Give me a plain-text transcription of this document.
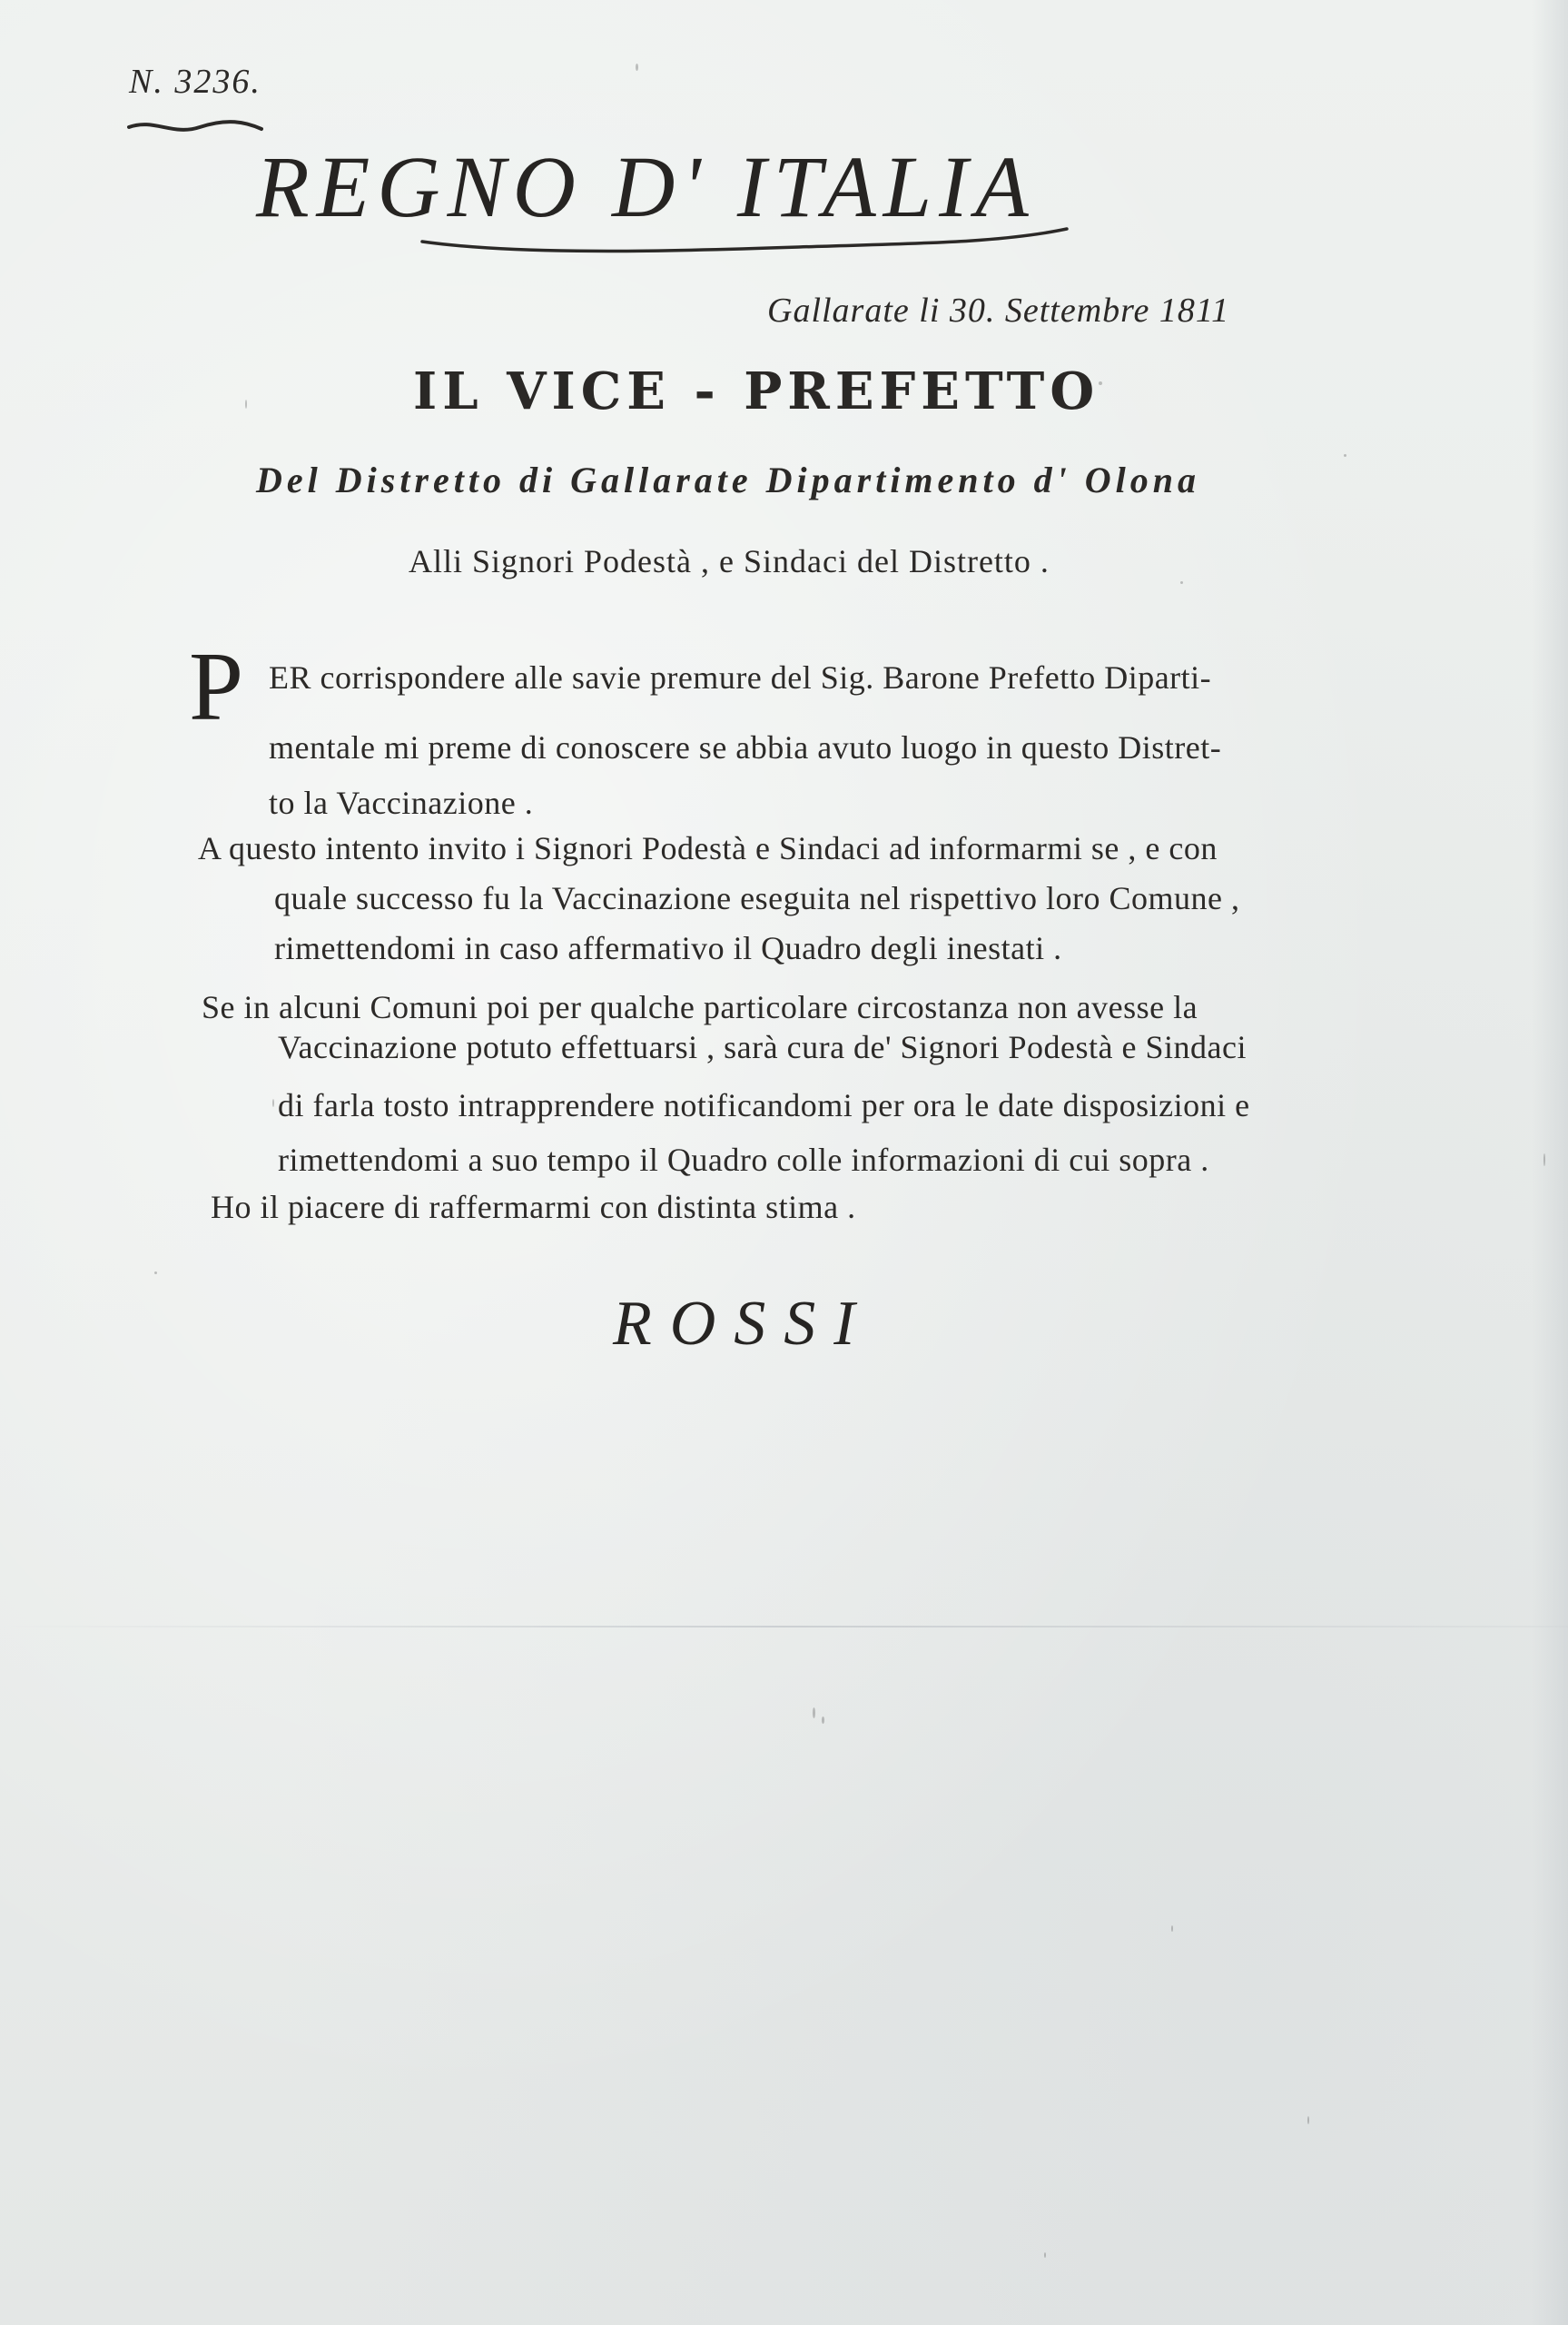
N. 3236.
REGNO D' ITALIA
Gallarate li 30. Settembre 1811
IL VICE - PREFETTO
Del Distretto di Gallarate Dipartimento d' Olona
Alli Signori Podestà , e Sindaci del Distretto .
P ER corrispondere alle savie premure del Sig. Barone Prefetto Diparti-
mentale mi preme di conoscere se abbia avuto luogo in questo Distret-
to la Vaccinazione .
A questo intento invito i Signori Podestà e Sindaci ad informarmi se , e con
quale successo fu la Vaccinazione eseguita nel rispettivo loro Comune ,
rimettendomi in caso affermativo il Quadro degli inestati .
Se in alcuni Comuni poi per qualche particolare circostanza non avesse la
Vaccinazione potuto effettuarsi , sarà cura de' Signori Podestà e Sindaci
di farla tosto intrapprendere notificandomi per ora le date disposizioni e
rimettendomi a suo tempo il Quadro colle informazioni di cui sopra .
Ho il piacere di raffermarmi con distinta stima .
ROSSI
